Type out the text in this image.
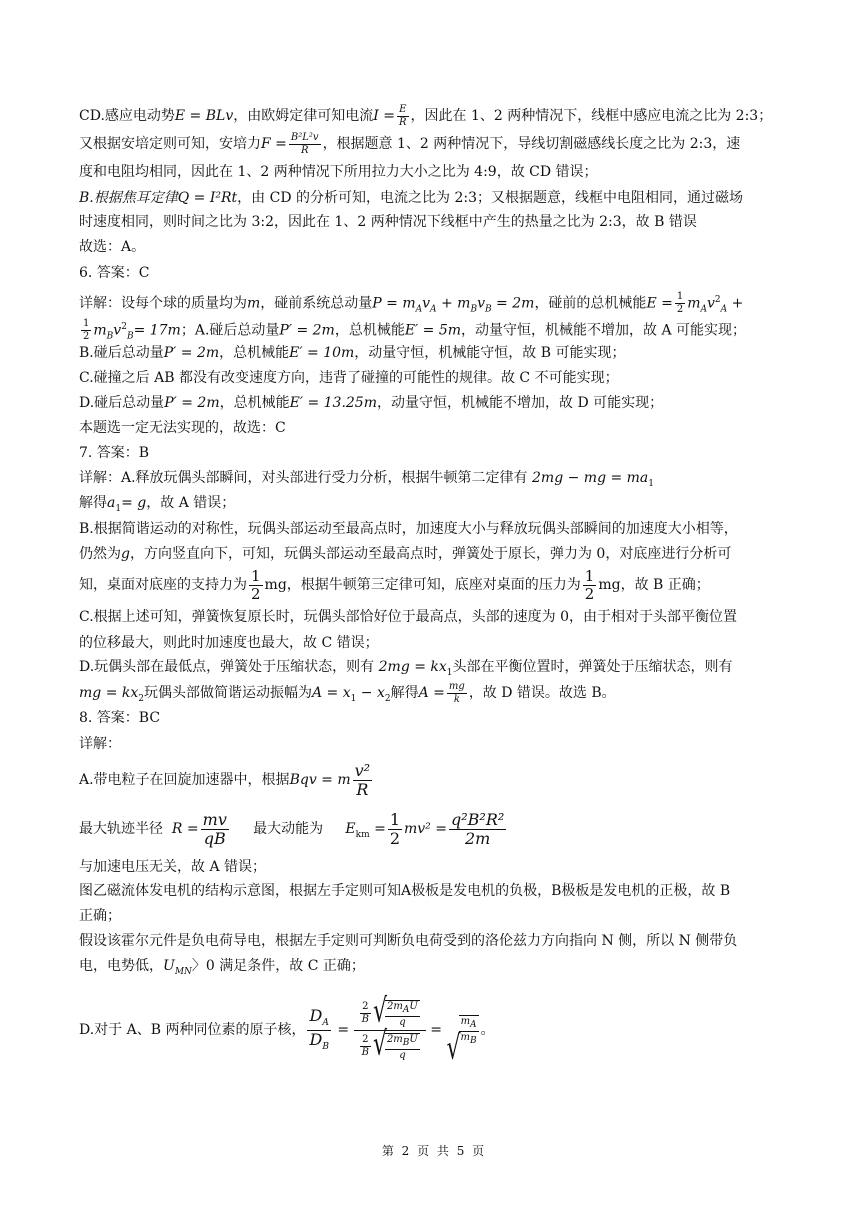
CD.感应电动势E = BLv，由欧姆定律可知电流$I = \frac{E}{R}$ ，因此在 1、2 两种情况下，线框中感应电流之比为 2:3；
又根据安培定则可知，安培力$F = \frac{\text{B²L²v}}{R}$ ，根据题意 1、2 两种情况下，导线切割磁感线长度之比为 2:3，速
度和电阻均相同，因此在 1、2 两种情况下所用拉力大小之比为 4:9，故 CD 错误；
B.根据焦耳定律Q = I²Rt，由 CD 的分析可知，电流之比为 2:3；又根据题意，线框中电阻相同，通过磁场
时速度相同，则时间之比为 3:2，因此在 1、2 两种情况下线框中产生的热量之比为 2:3，故 B 错误
故选：A。
6. 答案：C
详解：设每个球的质量均为m，碰前系统总动量$P = m_Av_A + m_Bv_B = 2m$，碰前的总机械能$E = \frac{1}{2} m_Av^2_A$ +
$\frac{1}{2} m_Bv^2_B= 17m$；A.碰后总动量P′ = 2m，总机械能E′ = 5m，动量守恒，机械能不增加，故 A 可能实现；
B.碰后总动量P′ = 2m，总机械能E′ = 10m，动量守恒，机械能守恒，故 B 可能实现；
C.碰撞之后 AB 都没有改变速度方向，违背了碰撞的可能性的规律。故 C 不可能实现；
D.碰后总动量P′ = 2m，总机械能E′ = 13.25m，动量守恒，机械能不增加，故 D 可能实现；
本题选一定无法实现的，故选：C
7. 答案：B
详解：A.释放玩偶头部瞬间，对头部进行受力分析，根据牛顿第二定律有 2mg − mg = $ma_1$
解得$a_1= g$，故 A 错误；
B.根据简谐运动的对称性，玩偶头部运动至最高点时，加速度大小与释放玩偶头部瞬间的加速度大小相等，
仍然为g，方向竖直向下，可知，玩偶头部运动至最高点时，弹簧处于原长，弹力为 0，对底座进行分析可
知，桌面对底座的支持力为 $\frac{1}{2}$ mg，根据牛顿第三定律可知，底座对桌面的压力为 $\frac{1}{2}$ mg，故 B 正确；
C.根据上述可知，弹簧恢复原长时，玩偶头部恰好位于最高点，头部的速度为 0，由于相对于头部平衡位置
的位移最大，则此时加速度也最大，故 C 错误；
D.玩偶头部在最低点，弹簧处于压缩状态，则有 $2mg = kx_1$头部在平衡位置时，弹簧处于压缩状态，则有
mg = $kx_2$玩偶头部做简谐运动振幅为$A = x_1 - x_2$解得$A = \frac{mg}{k}$ ，故 D 错误。故选 B。
8. 答案：BC
详解：
A.带电粒子在回旋加速器中，根据Bqv = m $\frac{\text{v²}}{R}$
最大轨迹半径 $R = \frac{mv}{qB}$ 最大动能为 $E_{km} = \frac{1}{2} mv^2 = \frac{\text{q²B²R²}}{2m}$
与加速电压无关，故 A 错误；
图乙磁流体发电机的结构示意图，根据左手定则可知A极板是发电机的负极，B极板是发电机的正极，故 B
正确；
假设该霍尔元件是负电荷导电，根据左手定则可判断负电荷受到的洛伦兹力方向指向 N 侧，所以 N 侧带负
电，电势低，$U_{MN}$〉0 满足条件，故 C 正确；
D.对于 A、B 两种同位素的原子核， $\frac{D_A}{D_B}$ =
$\frac{2}{B}$ √ $\frac{2m_AU}{q}$
$\frac{2}{B}$ √ $\frac{2m_BU}{q}$
= √ $\frac{m_A}{m_B}$ 。
第 2 页 共 5 页
